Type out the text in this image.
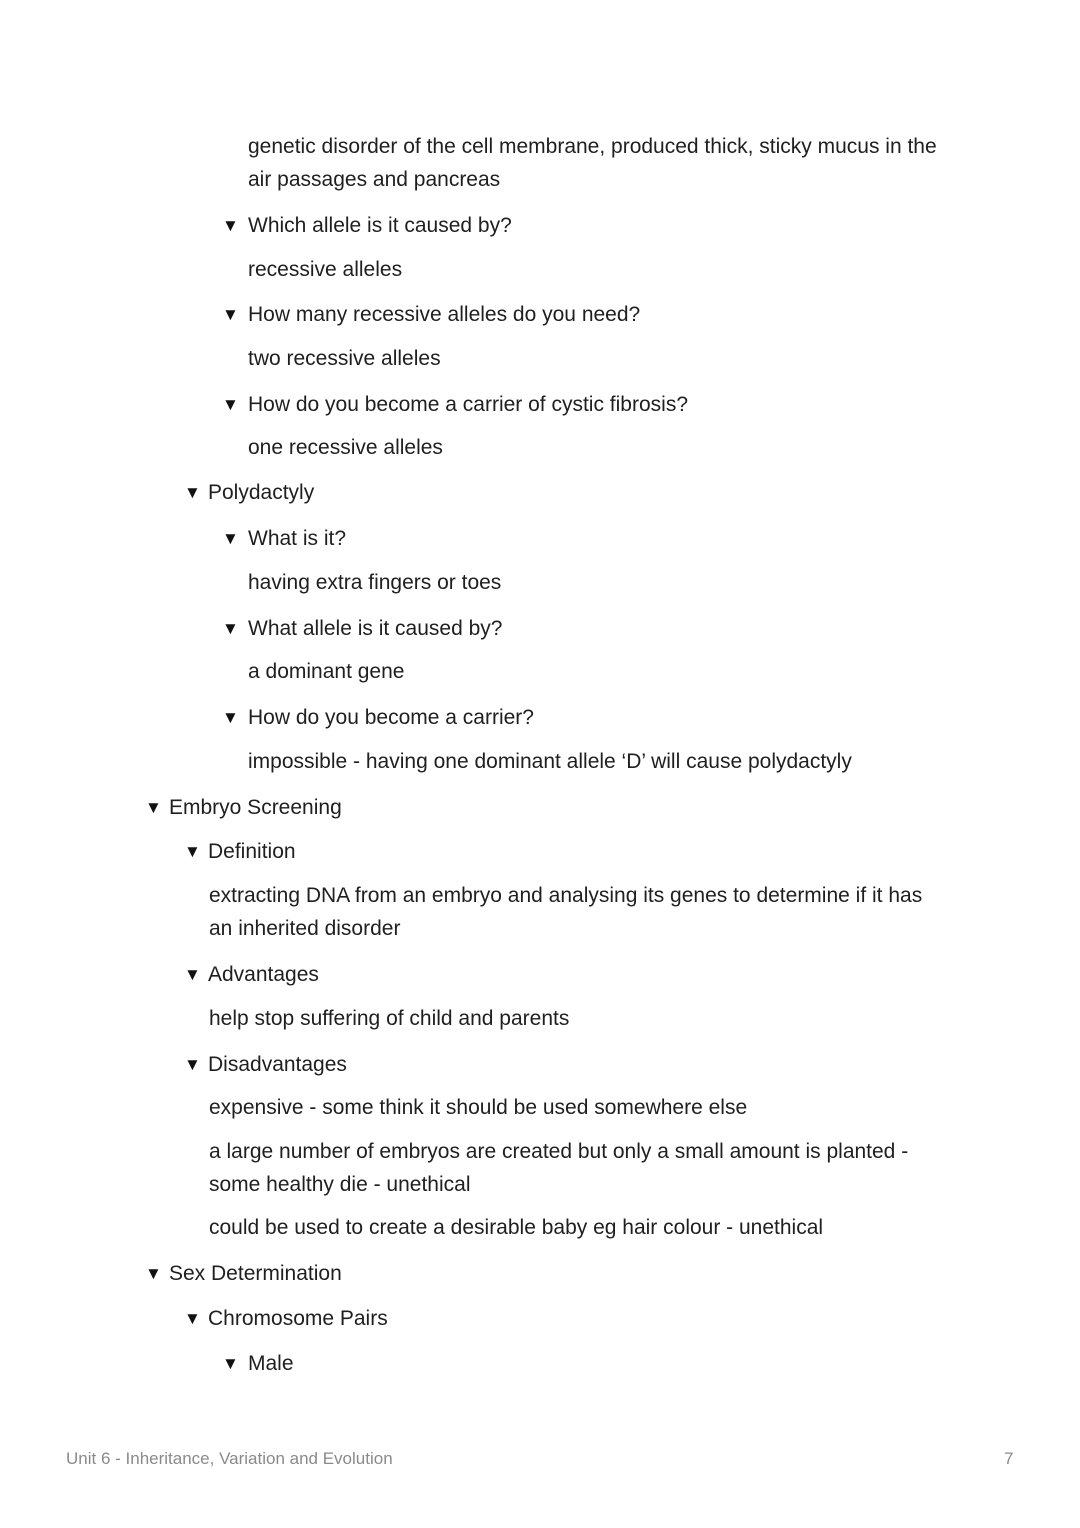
genetic disorder of the cell membrane, produced thick, sticky mucus in the air passages and pancreas
▼ Which allele is it caused by?
recessive alleles
▼ How many recessive alleles do you need?
two recessive alleles
▼ How do you become a carrier of cystic fibrosis?
one recessive alleles
▼ Polydactyly
▼ What is it?
having extra fingers or toes
▼ What allele is it caused by?
a dominant gene
▼ How do you become a carrier?
impossible - having one dominant allele ‘D’ will cause polydactyly
▼ Embryo Screening
▼ Definition
extracting DNA from an embryo and analysing its genes to determine if it has an inherited disorder
▼ Advantages
help stop suffering of child and parents
▼ Disadvantages
expensive - some think it should be used somewhere else
a large number of embryos are created but only a small amount is planted - some healthy die - unethical
could be used to create a desirable baby eg hair colour - unethical
▼ Sex Determination
▼ Chromosome Pairs
▼ Male
Unit 6 - Inheritance, Variation and Evolution	7
